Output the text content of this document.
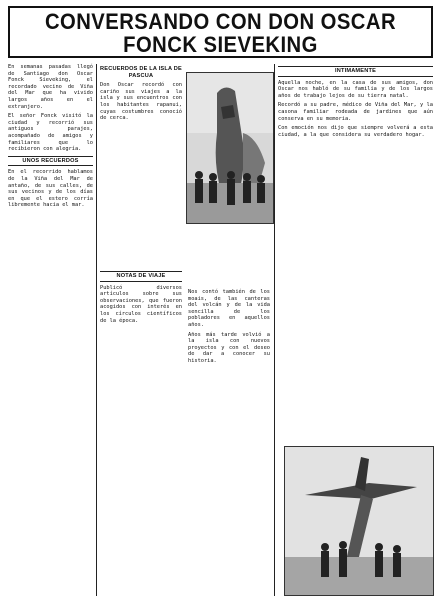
CONVERSANDO CON DON OSCAR
FONCK SIEVEKING

En semanas pasadas llegó de Santiago don Oscar Fonck Sieveking, el recordado vecino de Viña del Mar que ha vivido largos años en el extranjero.

El señor Fonck visitó la ciudad y recorrió sus antiguos parajes, acompañado de amigos y familiares que lo recibieron con alegría.

UNOS RECUERDOS

En el recorrido hablamos de la Viña del Mar de antaño, de sus calles, de sus vecinos y de los días en que el estero corría libremente hacia el mar.

RECUERDOS DE LA ISLA DE PASCUA

Don Oscar recordó con cariño sus viajes a la isla y sus encuentros con los habitantes rapanui, cuyas costumbres conoció de cerca.

NOTAS DE VIAJE

Publicó diversos artículos sobre sus observaciones, que fueron acogidos con interés en los círculos científicos de la época.

Nos contó también de los moais, de las canteras del volcán y de la vida sencilla de los pobladores en aquellos años.

Años más tarde volvió a la isla con nuevos proyectos y con el deseo de dar a conocer su historia.

INTIMAMENTE

Aquella noche, en la casa de sus amigos, don Oscar nos habló de su familia y de los largos años de trabajo lejos de su tierra natal.

Recordó a su padre, médico de Viña del Mar, y la casona familiar rodeada de jardines que aún conserva en su memoria.

Con emoción nos dijo que siempre volverá a esta ciudad, a la que considera su verdadero hogar.
